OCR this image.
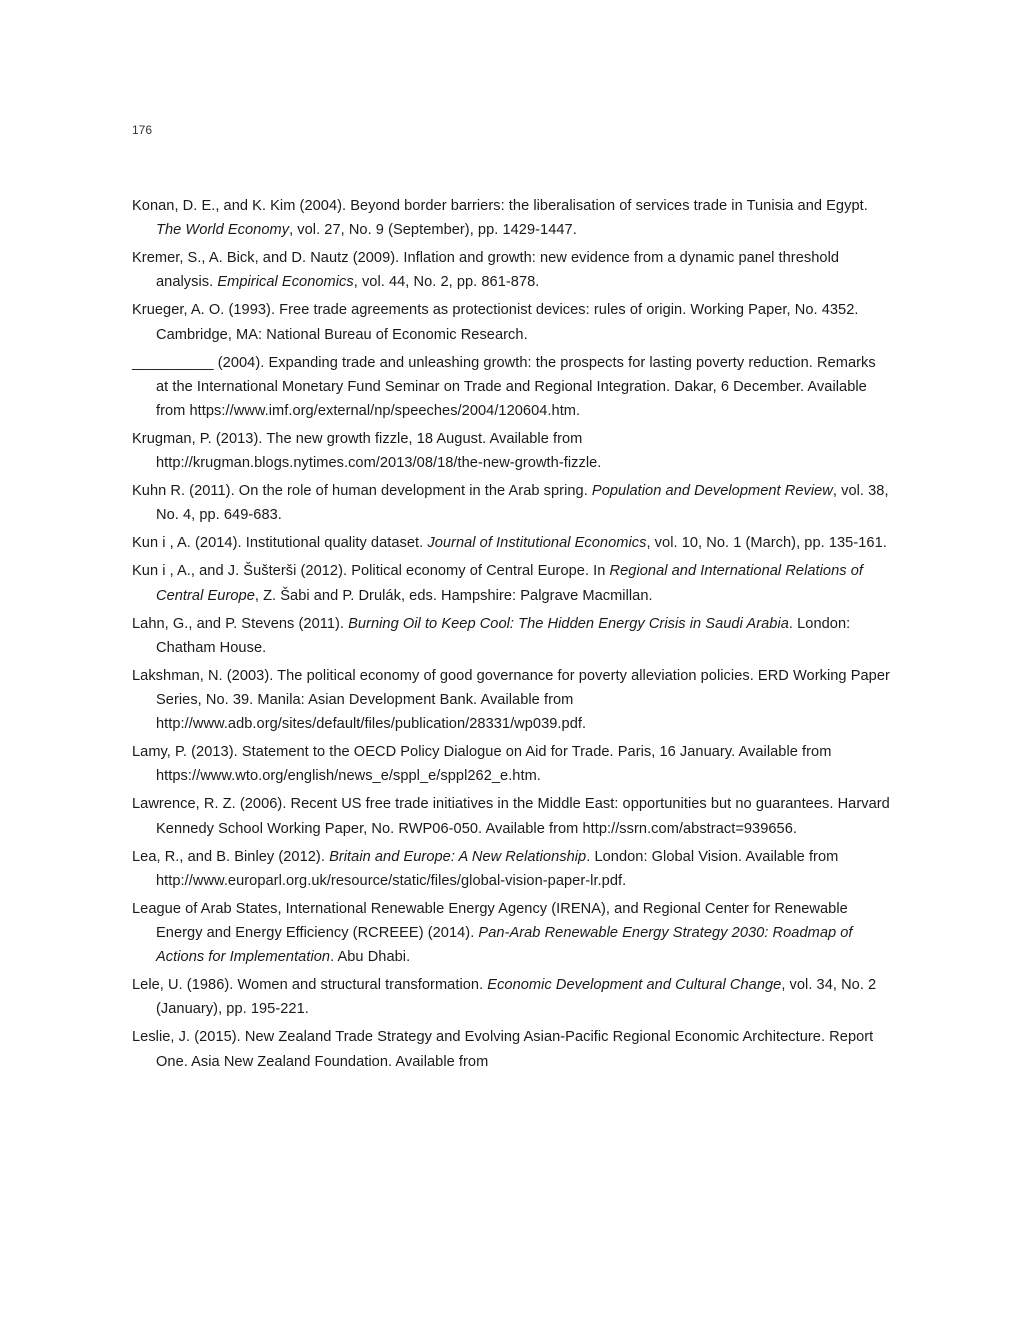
176

Konan, D. E., and K. Kim (2004). Beyond border barriers: the liberalisation of services trade in Tunisia and Egypt. The World Economy, vol. 27, No. 9 (September), pp. 1429-1447.

Kremer, S., A. Bick, and D. Nautz (2009). Inflation and growth: new evidence from a dynamic panel threshold analysis. Empirical Economics, vol. 44, No. 2, pp. 861-878.

Krueger, A. O. (1993). Free trade agreements as protectionist devices: rules of origin. Working Paper, No. 4352. Cambridge, MA: National Bureau of Economic Research.

__________ (2004). Expanding trade and unleashing growth: the prospects for lasting poverty reduction. Remarks at the International Monetary Fund Seminar on Trade and Regional Integration. Dakar, 6 December. Available from https://www.imf.org/external/np/speeches/2004/120604.htm.

Krugman, P. (2013). The new growth fizzle, 18 August. Available from http://krugman.blogs.nytimes.com/2013/08/18/the-new-growth-fizzle.

Kuhn R. (2011). On the role of human development in the Arab spring. Population and Development Review, vol. 38, No. 4, pp. 649-683.

Kun i , A. (2014). Institutional quality dataset. Journal of Institutional Economics, vol. 10, No. 1 (March), pp. 135-161.

Kun i , A., and J. Šušterši (2012). Political economy of Central Europe. In Regional and International Relations of Central Europe, Z. Šabi and P. Drulák, eds. Hampshire: Palgrave Macmillan.

Lahn, G., and P. Stevens (2011). Burning Oil to Keep Cool: The Hidden Energy Crisis in Saudi Arabia. London: Chatham House.

Lakshman, N. (2003). The political economy of good governance for poverty alleviation policies. ERD Working Paper Series, No. 39. Manila: Asian Development Bank. Available from http://www.adb.org/sites/default/files/publication/28331/wp039.pdf.

Lamy, P. (2013). Statement to the OECD Policy Dialogue on Aid for Trade. Paris, 16 January. Available from https://www.wto.org/english/news_e/sppl_e/sppl262_e.htm.

Lawrence, R. Z. (2006). Recent US free trade initiatives in the Middle East: opportunities but no guarantees. Harvard Kennedy School Working Paper, No. RWP06-050. Available from http://ssrn.com/abstract=939656.

Lea, R., and B. Binley (2012). Britain and Europe: A New Relationship. London: Global Vision. Available from http://www.europarl.org.uk/resource/static/files/global-vision-paper-lr.pdf.

League of Arab States, International Renewable Energy Agency (IRENA), and Regional Center for Renewable Energy and Energy Efficiency (RCREEE) (2014). Pan-Arab Renewable Energy Strategy 2030: Roadmap of Actions for Implementation. Abu Dhabi.

Lele, U. (1986). Women and structural transformation. Economic Development and Cultural Change, vol. 34, No. 2 (January), pp. 195-221.

Leslie, J. (2015). New Zealand Trade Strategy and Evolving Asian-Pacific Regional Economic Architecture. Report One. Asia New Zealand Foundation. Available from
